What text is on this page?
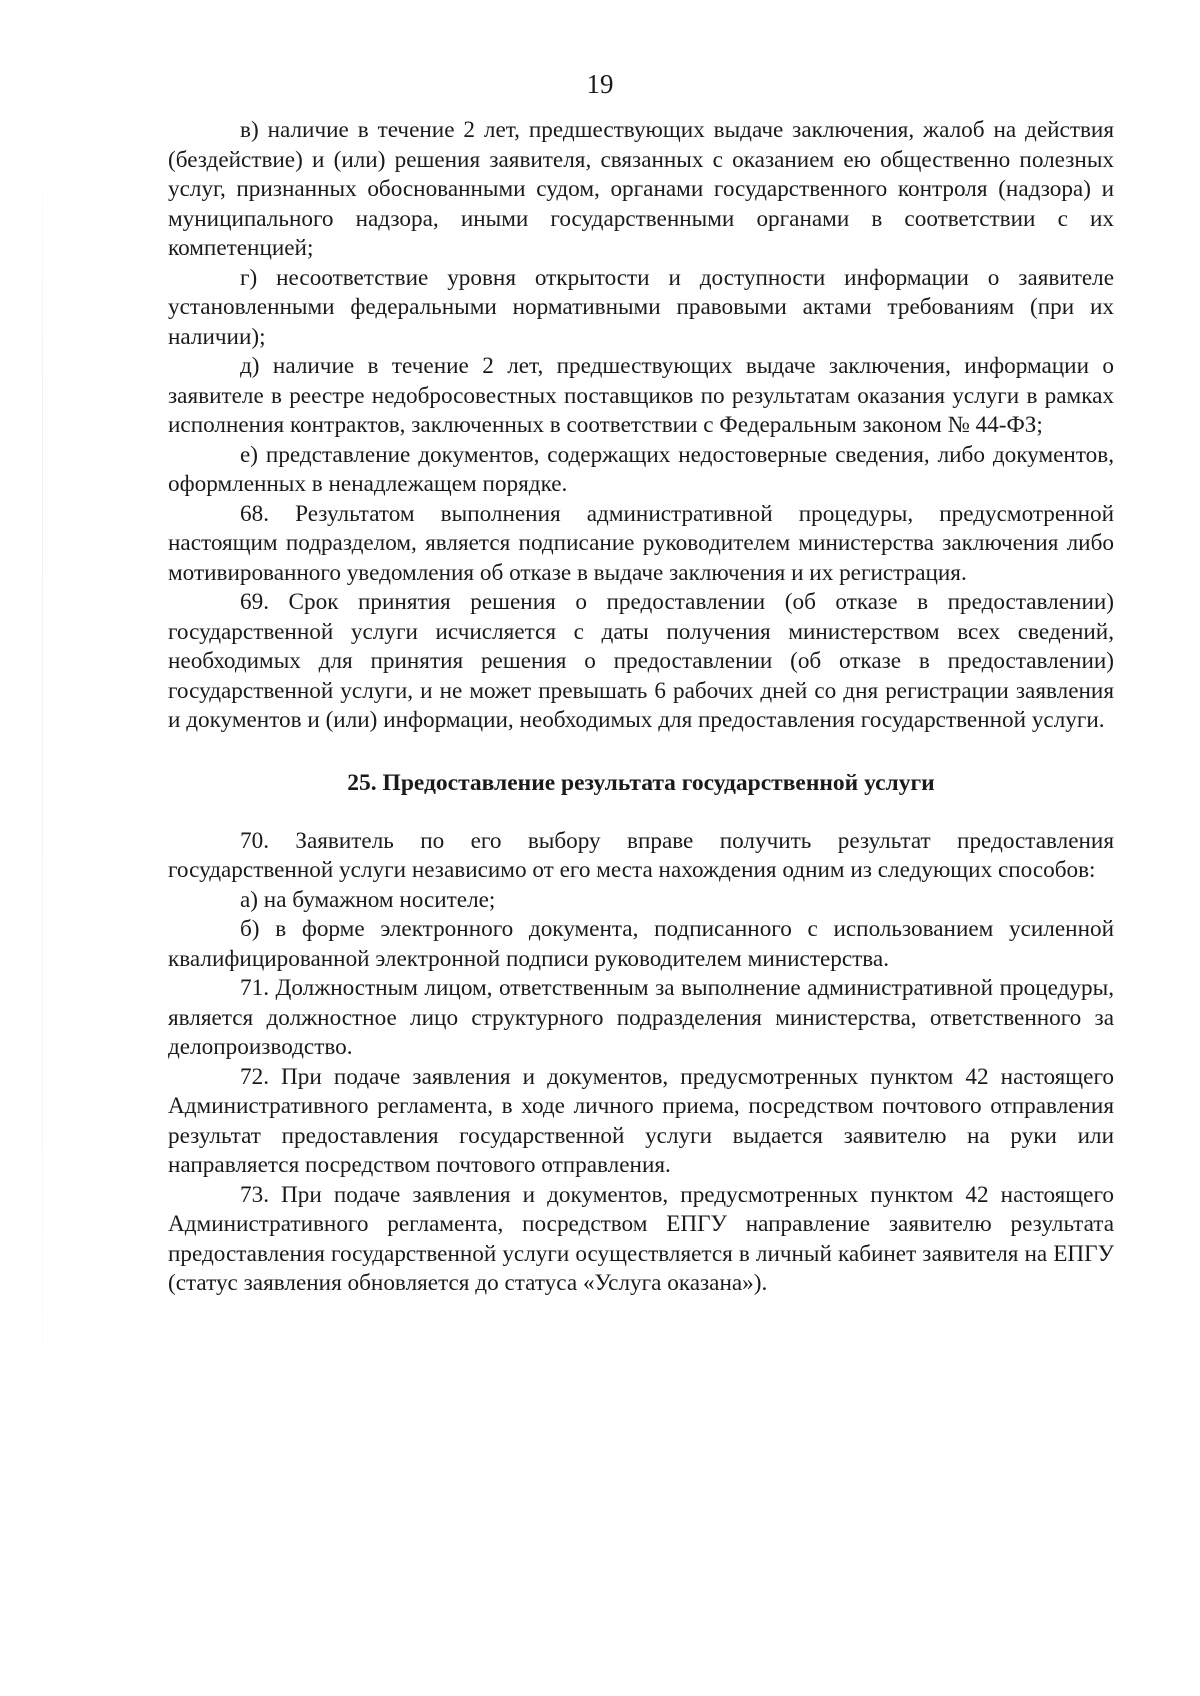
19

в) наличие в течение 2 лет, предшествующих выдаче заключения, жалоб на действия (бездействие) и (или) решения заявителя, связанных с оказанием ею общественно полезных услуг, признанных обоснованными судом, органами государственного контроля (надзора) и муниципального надзора, иными государственными органами в соответствии с их компетенцией;

г) несоответствие уровня открытости и доступности информации о заявителе установленными федеральными нормативными правовыми актами требованиям (при их наличии);

д) наличие в течение 2 лет, предшествующих выдаче заключения, информации о заявителе в реестре недобросовестных поставщиков по результатам оказания услуги в рамках исполнения контрактов, заключенных в соответствии с Федеральным законом № 44-ФЗ;

е) представление документов, содержащих недостоверные сведения, либо документов, оформленных в ненадлежащем порядке.

68. Результатом выполнения административной процедуры, предусмотренной настоящим подразделом, является подписание руководителем министерства заключения либо мотивированного уведомления об отказе в выдаче заключения и их регистрация.

69. Срок принятия решения о предоставлении (об отказе в предоставлении) государственной услуги исчисляется с даты получения министерством всех сведений, необходимых для принятия решения о предоставлении (об отказе в предоставлении) государственной услуги, и не может превышать 6 рабочих дней со дня регистрации заявления и документов и (или) информации, необходимых для предоставления государственной услуги.

25. Предоставление результата государственной услуги

70. Заявитель по его выбору вправе получить результат предоставления государственной услуги независимо от его места нахождения одним из следующих способов:

а) на бумажном носителе;

б) в форме электронного документа, подписанного с использованием усиленной квалифицированной электронной подписи руководителем министерства.

71. Должностным лицом, ответственным за выполнение административной процедуры, является должностное лицо структурного подразделения министерства, ответственного за делопроизводство.

72. При подаче заявления и документов, предусмотренных пунктом 42 настоящего Административного регламента, в ходе личного приема, посредством почтового отправления результат предоставления государственной услуги выдается заявителю на руки или направляется посредством почтового отправления.

73. При подаче заявления и документов, предусмотренных пунктом 42 настоящего Административного регламента, посредством ЕПГУ направление заявителю результата предоставления государственной услуги осуществляется в личный кабинет заявителя на ЕПГУ (статус заявления обновляется до статуса «Услуга оказана»).
